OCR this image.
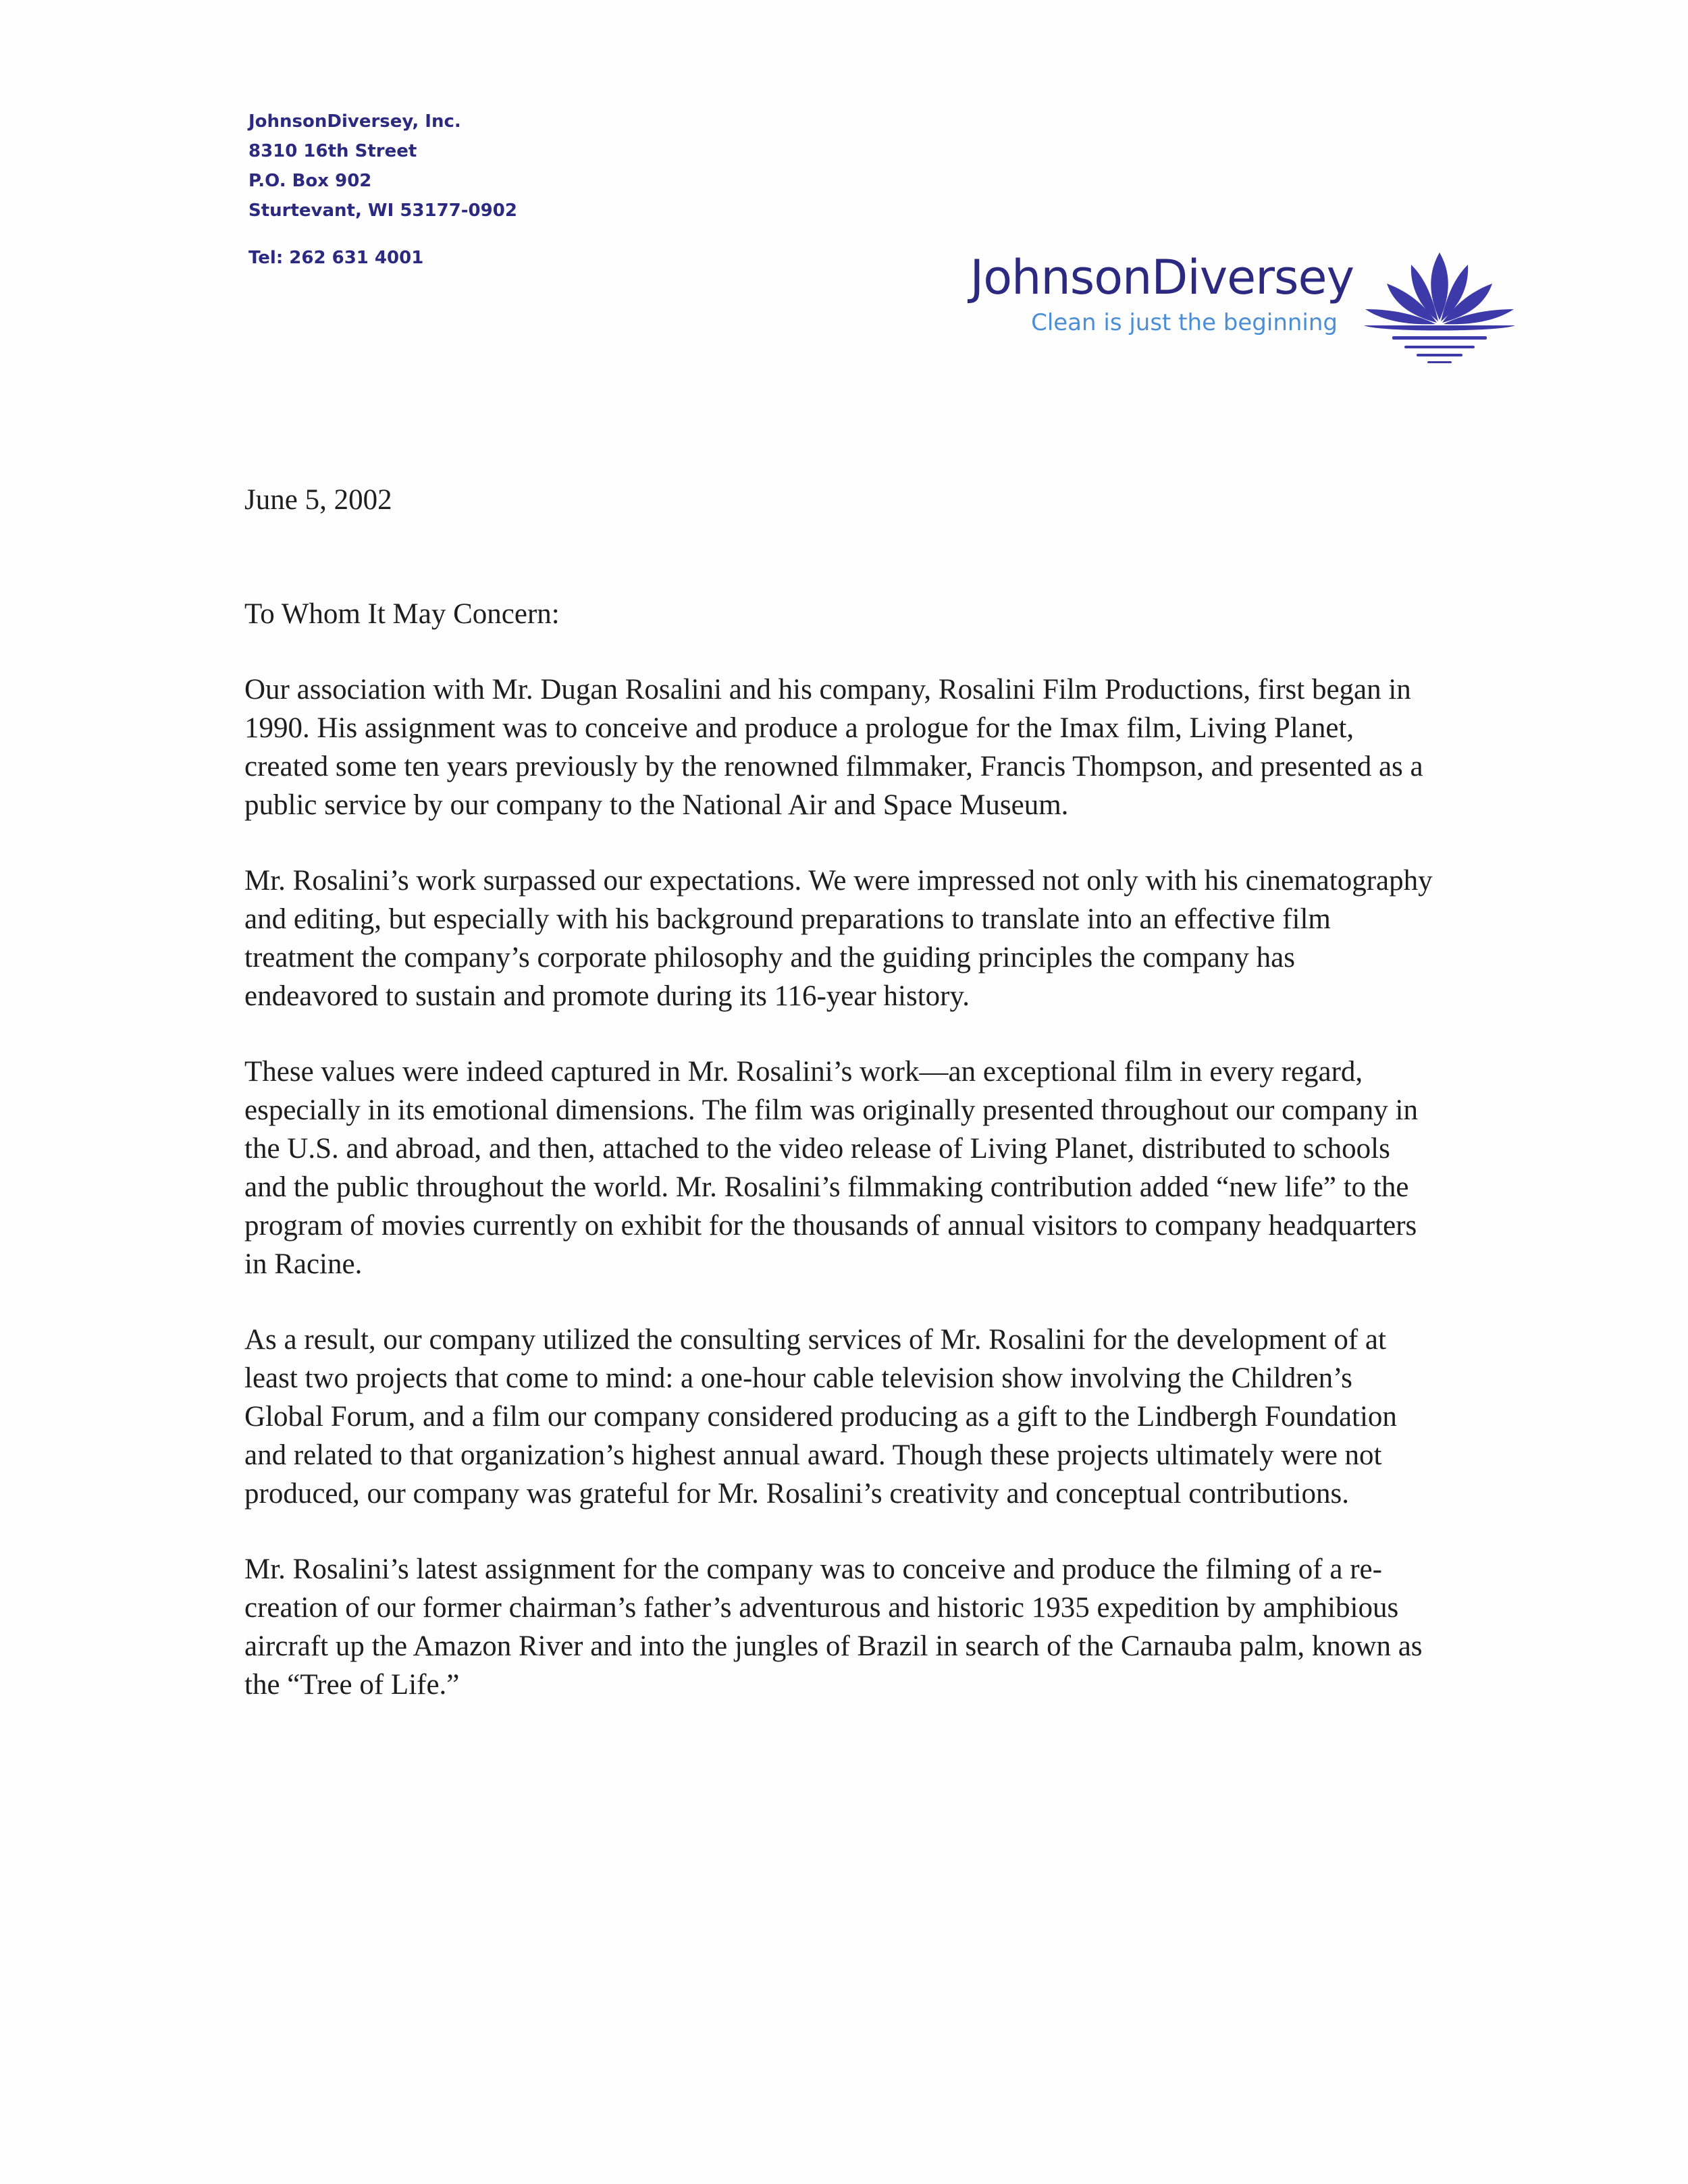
JohnsonDiversey, Inc.
8310 16th Street
P.O. Box 902
Sturtevant, WI 53177-0902
Tel: 262 631 4001	JohnsonDiversey
Clean is just the beginning

June 5, 2002

To Whom It May Concern:

Our association with Mr. Dugan Rosalini and his company, Rosalini Film Productions, first began in 1990. His assignment was to conceive and produce a prologue for the Imax film, Living Planet, created some ten years previously by the renowned filmmaker, Francis Thompson, and presented as a public service by our company to the National Air and Space Museum.

Mr. Rosalini’s work surpassed our expectations. We were impressed not only with his cinematography and editing, but especially with his background preparations to translate into an effective film treatment the company’s corporate philosophy and the guiding principles the company has endeavored to sustain and promote during its 116-year history.

These values were indeed captured in Mr. Rosalini’s work—an exceptional film in every regard, especially in its emotional dimensions. The film was originally presented throughout our company in the U.S. and abroad, and then, attached to the video release of Living Planet, distributed to schools and the public throughout the world. Mr. Rosalini’s filmmaking contribution added “new life” to the program of movies currently on exhibit for the thousands of annual visitors to company headquarters in Racine.

As a result, our company utilized the consulting services of Mr. Rosalini for the development of at least two projects that come to mind: a one-hour cable television show involving the Children’s Global Forum, and a film our company considered producing as a gift to the Lindbergh Foundation and related to that organization’s highest annual award. Though these projects ultimately were not produced, our company was grateful for Mr. Rosalini’s creativity and conceptual contributions.

Mr. Rosalini’s latest assignment for the company was to conceive and produce the filming of a re-creation of our former chairman’s father’s adventurous and historic 1935 expedition by amphibious aircraft up the Amazon River and into the jungles of Brazil in search of the Carnauba palm, known as the “Tree of Life.”
